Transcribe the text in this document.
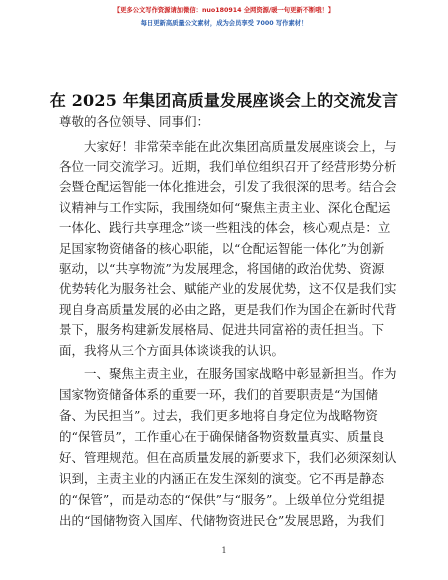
【更多公文写作资源请加微信：nuo180914 全网资源/暖一句更新不断哦！】
每日更新高质量公文素材，成为会员享受 7000 写作素材！
在 2025 年集团高质量发展座谈会上的交流发言
尊敬的各位领导、同事们：
　　大家好！非常荣幸能在此次集团高质量发展座谈会上，与
各位一同交流学习。近期，我们单位组织召开了经营形势分析
会暨仓配运智能一体化推进会，引发了我很深的思考。结合会
议精神与工作实际，我围绕如何“聚焦主责主业、深化仓配运
一体化、践行共享理念”谈一些粗浅的体会，核心观点是：立
足国家物资储备的核心职能，以“仓配运智能一体化”为创新
驱动，以“共享物流”为发展理念，将国储的政治优势、资源
优势转化为服务社会、赋能产业的发展优势，这不仅是我们实
现自身高质量发展的必由之路，更是我们作为国企在新时代背
景下，服务构建新发展格局、促进共同富裕的责任担当。下
面，我将从三个方面具体谈谈我的认识。
　　一、聚焦主责主业，在服务国家战略中彰显新担当。作为
国家物资储备体系的重要一环，我们的首要职责是“为国储
备、为民担当”。过去，我们更多地将自身定位为战略物资
的“保管员”，工作重心在于确保储备物资数量真实、质量良
好、管理规范。但在高质量发展的新要求下，我们必须深刻认
识到，主责主业的内涵正在发生深刻的演变。它不再是静态
的“保管”，而是动态的“保供”与“服务”。上级单位分党组提
出的“国储物资入国库、代储物资进民仓”发展思路，为我们
1
